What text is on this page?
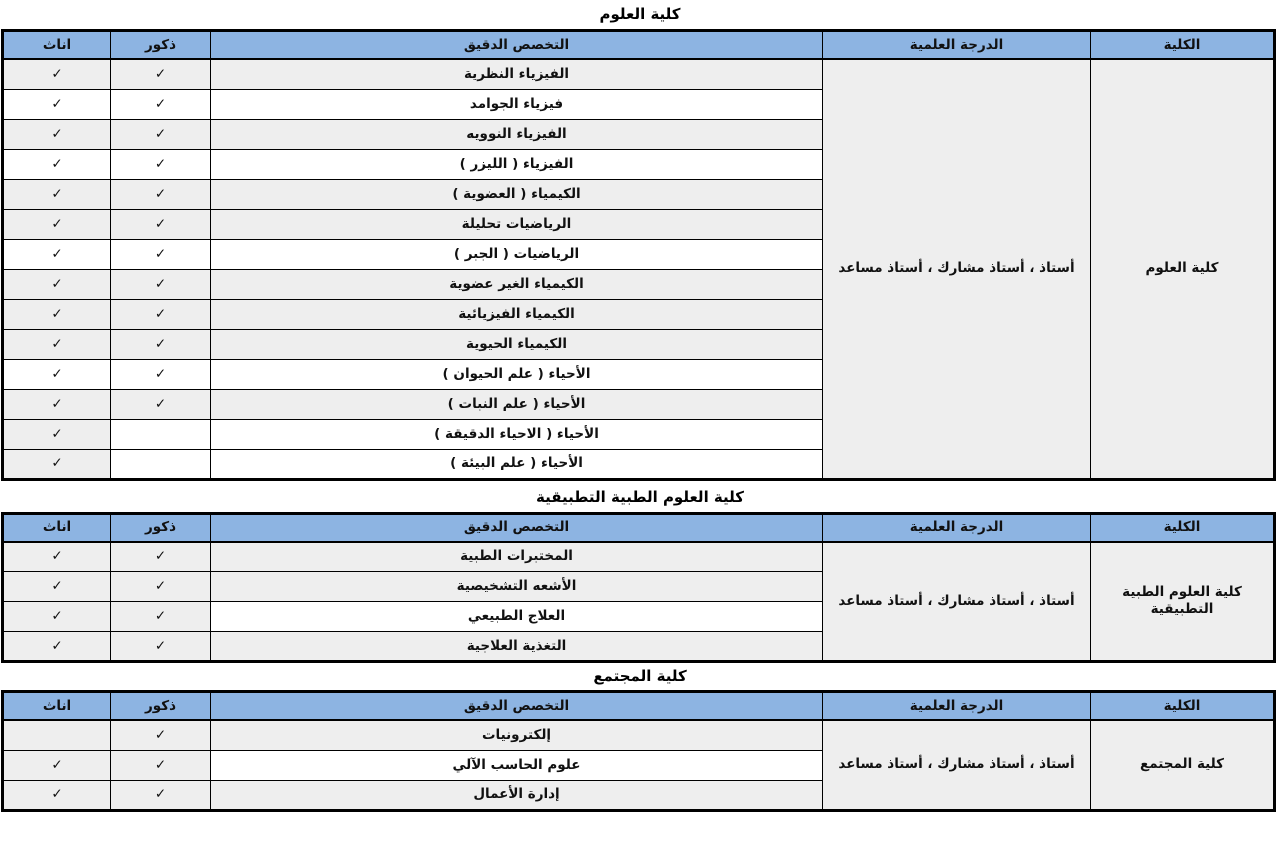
كلية العلوم
الكلية	الدرجة العلمية	التخصص الدقيق	ذكور	اناث
كلية العلوم	أستاذ ، أستاذ مشارك ، أستاذ مساعد	الفيزياء النظرية	✓	✓
		فيزياء الجوامد	✓	✓
		الفيزياء النوويه	✓	✓
		الفيزياء ( الليزر )	✓	✓
		الكيمياء ( العضوية )	✓	✓
		الرياضيات تحليلة	✓	✓
		الرياضيات ( الجبر )	✓	✓
		الكيمياء الغير عضوية	✓	✓
		الكيمياء الفيزيائية	✓	✓
		الكيمياء الحيوية	✓	✓
		الأحياء ( علم الحيوان )	✓	✓
		الأحياء ( علم النبات )	✓	✓
		الأحياء ( الاحياء الدقيقة )		✓
		الأحياء ( علم البيئة )		✓
كلية العلوم الطبية التطبيقية
الكلية	الدرجة العلمية	التخصص الدقيق	ذكور	اناث
كلية العلوم الطبية التطبيقية	أستاذ ، أستاذ مشارك ، أستاذ مساعد	المختبرات الطبية	✓	✓
		الأشعه التشخيصية	✓	✓
		العلاج الطبيعي	✓	✓
		التغذية العلاجية	✓	✓
كلية المجتمع
الكلية	الدرجة العلمية	التخصص الدقيق	ذكور	اناث
كلية المجتمع	أستاذ ، أستاذ مشارك ، أستاذ مساعد	إلكترونيات	✓	
		علوم الحاسب الآلي	✓	✓
		إدارة الأعمال	✓	✓
